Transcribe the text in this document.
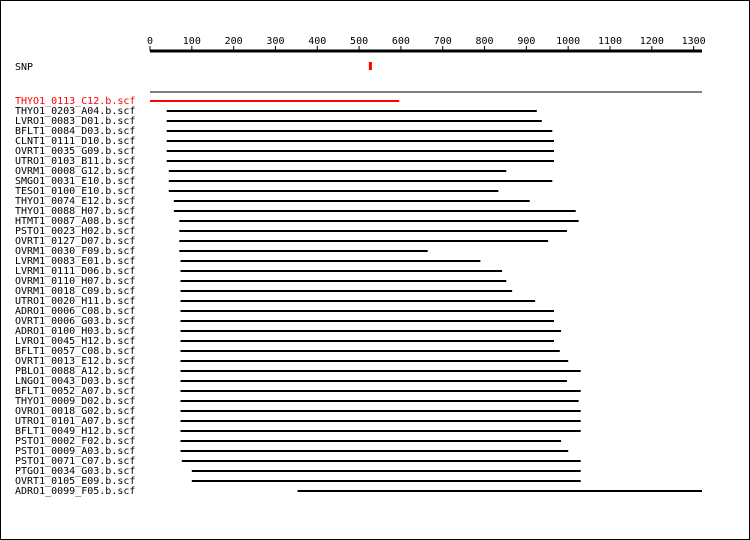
0	100 200 300 400 500 600 700 800 900 1000 1100 1200 1300
SNP
THYO1_0113_C12.b.scf
THYO1_0203_A04.b.scf
LVRO1_0083_D01.b.scf
BFLT1_0084_D03.b.scf
CLNT1_0111_D10.b.scf
OVRT1_0035_G09.b.scf
UTRO1_0103_B11.b.scf
OVRM1_0008_G12.b.scf
SMGO1_0031_E10.b.scf
TESO1_0100_E10.b.scf
THYO1_0074_E12.b.scf
THYO1_0088_H07.b.scf
HTMT1_0087_A08.b.scf
PSTO1_0023_H02.b.scf
OVRT1_0127_D07.b.scf
OVRM1_0030_F09.b.scf
LVRM1_0083_E01.b.scf
LVRM1_0111_D06.b.scf
OVRM1_0110_H07.b.scf
OVRM1_0018_C09.b.scf
UTRO1_0020_H11.b.scf
ADRO1_0006_C08.b.scf
OVRT1_0006_G03.b.scf
ADRO1_0100_H03.b.scf
LVRO1_0045_H12.b.scf
BFLT1_0057_C08.b.scf
OVRT1_0013_E12.b.scf
PBLO1_0088_A12.b.scf
LNGO1_0043_D03.b.scf
BFLT1_0052_A07.b.scf
THYO1_0009_D02.b.scf
OVRO1_0018_G02.b.scf
UTRO1_0101_A07.b.scf
BFLT1_0049_H12.b.scf
PSTO1_0002_F02.b.scf
PSTO1_0009_A03.b.scf
PSTO1_0071_C07.b.scf
PTGO1_0034_G03.b.scf
OVRT1_0105_E09.b.scf
ADRO1_0099_F05.b.scf
